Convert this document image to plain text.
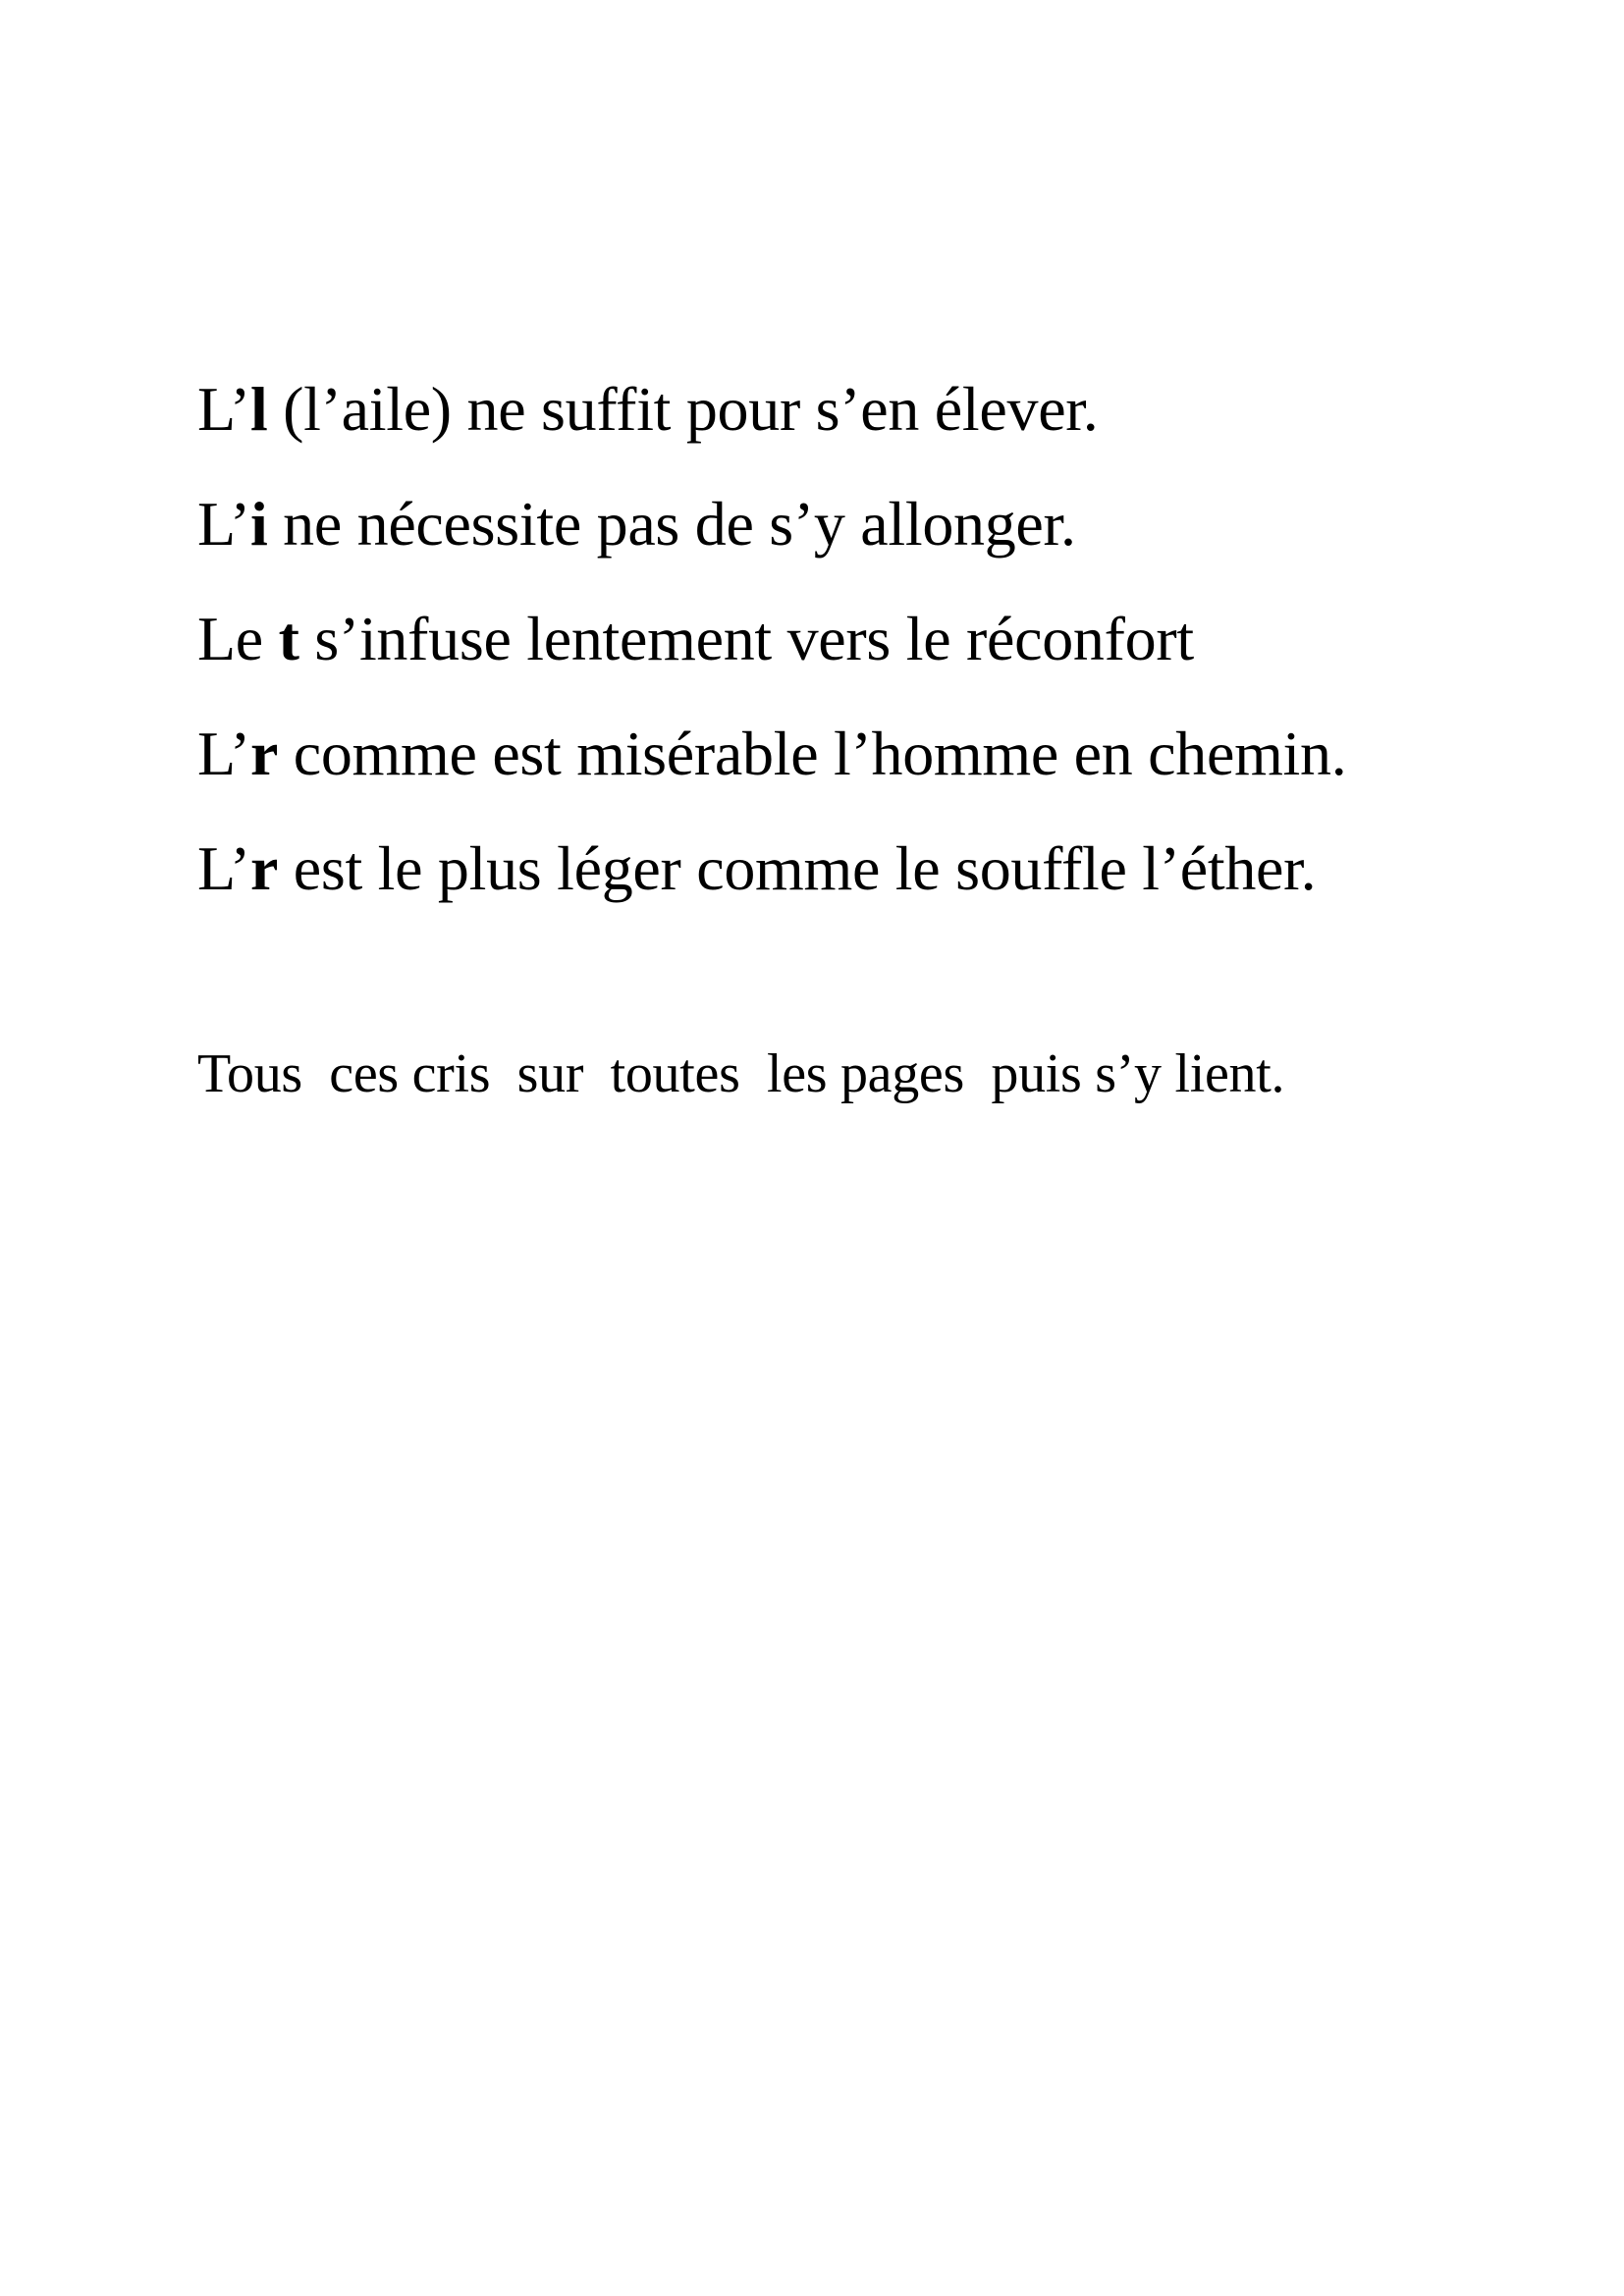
L’l (l’aile) ne suffit pour s’en élever.
L’i ne nécessite pas de s’y allonger.
Le t s’infuse lentement vers le réconfort
L’r comme est misérable l’homme en chemin.
L’r est le plus léger comme le souffle l’éther.
Tous  ces cris  sur  toutes  les pages  puis s’y lient.
